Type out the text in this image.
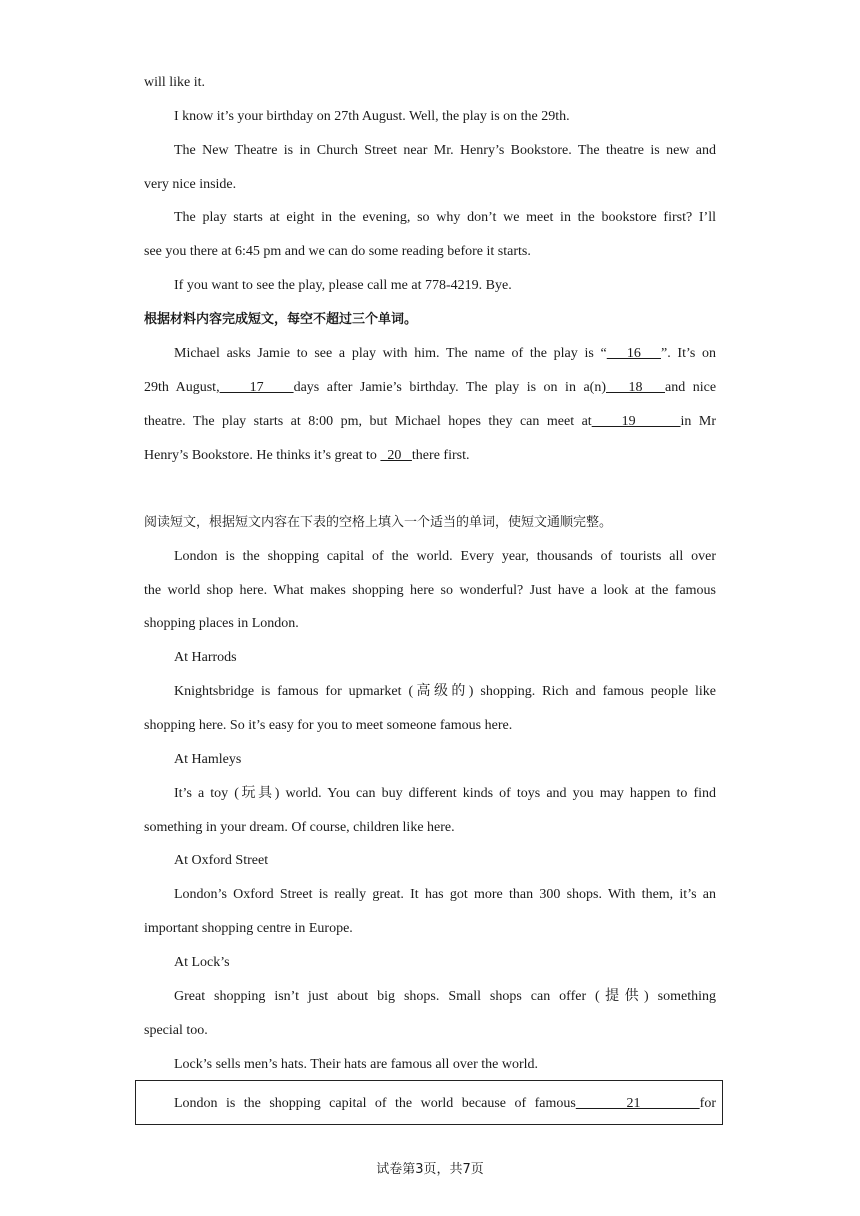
will like it.
I know it’s your birthday on 27th August. Well, the play is on the 29th.
The New Theatre is in Church Street near Mr. Henry’s Bookstore. The theatre is new and
very nice inside.
The play starts at eight in the evening, so why don’t we meet in the bookstore first? I’ll
see you there at 6:45 pm and we can do some reading before it starts.
If you want to see the play, please call me at 778-4219. Bye.
根据材料内容完成短文，每空不超过三个单词。
Michael asks Jamie to see a play with him. The name of the play is “   16   ”. It’s on
29th August,    17    days after Jamie’s birthday. The play is on in a(n)   18   and nice
theatre. The play starts at 8:00 pm, but Michael hopes they can meet at    19      in Mr
Henry’s Bookstore. He thinks it’s great to   20   there first.
阅读短文，根据短文内容在下表的空格上填入一个适当的单词，使短文通顺完整。
London is the shopping capital of the world. Every year, thousands of tourists all over
the world shop here. What makes shopping here so wonderful? Just have a look at the famous
shopping places in London.
At Harrods
Knightsbridge is famous for upmarket (高级的) shopping. Rich and famous people like
shopping here. So it’s easy for you to meet someone famous here.
At Hamleys
It’s a toy (玩具) world. You can buy different kinds of toys and you may happen to find
something in your dream. Of course, children like here.
At Oxford Street
London’s Oxford Street is really great. It has got more than 300 shops. With them, it’s an
important shopping centre in Europe.
At Lock’s
Great shopping isn’t just about big shops. Small shops can offer (提供) something
special too.
Lock’s sells men’s hats. Their hats are famous all over the world.
London is the shopping capital of the world because of famous      21       for
试卷第3页，共7页
